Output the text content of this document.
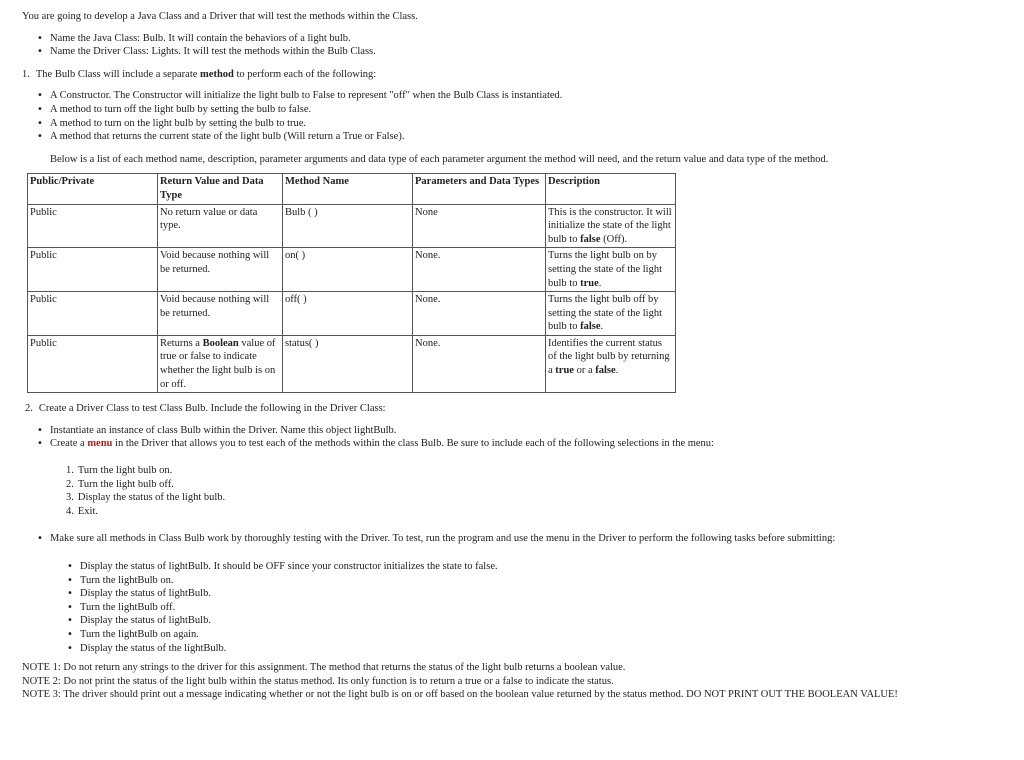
You are going to develop a Java Class and a Driver that will test the methods within the Class.

• Name the Java Class: Bulb. It will contain the behaviors of a light bulb.
• Name the Driver Class: Lights. It will test the methods within the Bulb Class.

1. The Bulb Class will include a separate method to perform each of the following:

• A Constructor. The Constructor will initialize the light bulb to False to represent "off" when the Bulb Class is instantiated.
• A method to turn off the light bulb by setting the bulb to false.
• A method to turn on the light bulb by setting the bulb to true.
• A method that returns the current state of the light bulb (Will return a True or False).

Below is a list of each method name, description, parameter arguments and data type of each parameter argument the method will need, and the return value and data type of the method.

Public/Private	Return Value and Data Type	Method Name	Parameters and Data Types	Description
Public	No return value or data type.	Bulb ( )	None	This is the constructor. It will initialize the state of the light bulb to false (Off).
Public	Void because nothing will be returned.	on( )	None.	Turns the light bulb on by setting the state of the light bulb to true.
Public	Void because nothing will be returned.	off( )	None.	Turns the light bulb off by setting the state of the light bulb to false.
Public	Returns a Boolean value of true or false to indicate whether the light bulb is on or off.	status( )	None.	Identifies the current status of the light bulb by returning a true or a false.

2. Create a Driver Class to test Class Bulb. Include the following in the Driver Class:

• Instantiate an instance of class Bulb within the Driver. Name this object lightBulb.
• Create a menu in the Driver that allows you to test each of the methods within the class Bulb. Be sure to include each of the following selections in the menu:
1. Turn the light bulb on.
2. Turn the light bulb off.
3. Display the status of the light bulb.
4. Exit.
• Make sure all methods in Class Bulb work by thoroughly testing with the Driver. To test, run the program and use the menu in the Driver to perform the following tasks before submitting:
• Display the status of lightBulb. It should be OFF since your constructor initializes the state to false.
• Turn the lightBulb on.
• Display the status of lightBulb.
• Turn the lightBulb off.
• Display the status of lightBulb.
• Turn the lightBulb on again.
• Display the status of the lightBulb.

NOTE 1: Do not return any strings to the driver for this assignment. The method that returns the status of the light bulb returns a boolean value.

NOTE 2: Do not print the status of the light bulb within the status method. Its only function is to return a true or a false to indicate the status.

NOTE 3: The driver should print out a message indicating whether or not the light bulb is on or off based on the boolean value returned by the status method. DO NOT PRINT OUT THE BOOLEAN VALUE!
